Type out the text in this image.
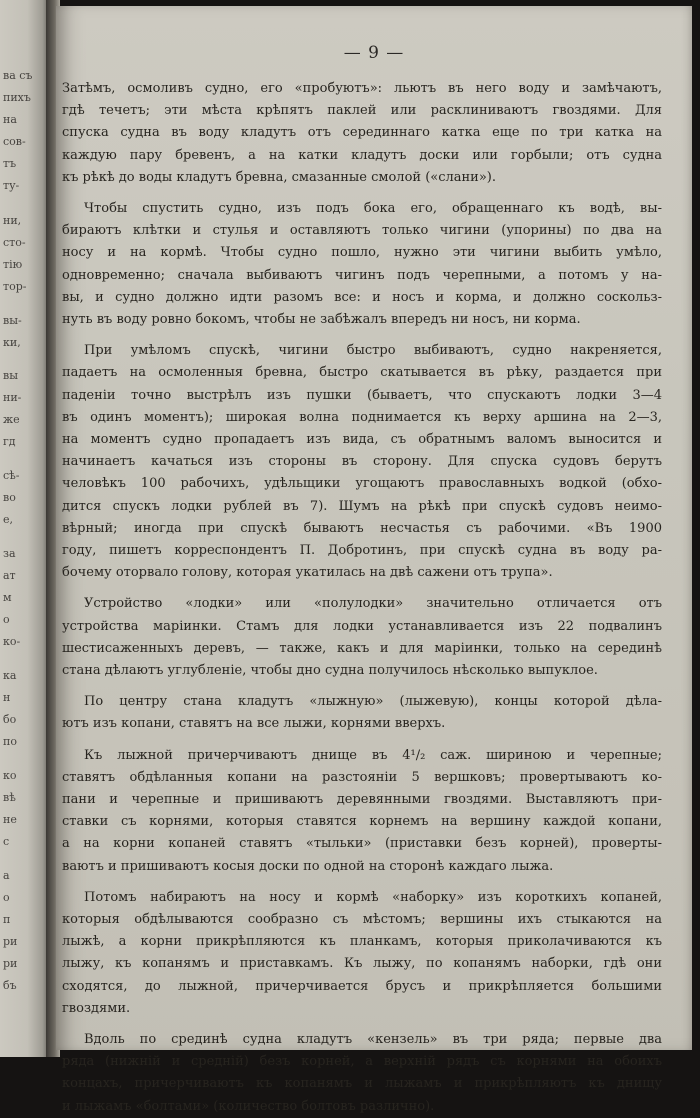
ва съ

пихъ

на

сов-

тъ

ту-

ни,

сто-

тію

тор-

вы-

ки,

вы

ни-

же

гд

сѣ-

во

е,

за

ат

м

о

ко-

ка

н

бо

по

ко

вѣ

не

с

а

о

п

ри

ри

бъ

— 9 —

Затѣмъ, осмоливъ судно, его «пробуютъ»: льютъ въ него воду и замѣчаютъ,

гдѣ течетъ; эти мѣста крѣпятъ паклей или расклиниваютъ гвоздями. Для

спуска судна въ воду кладутъ отъ серединнаго катка еще по три катка на

каждую пару бревенъ, а на катки кладутъ доски или горбыли; отъ судна

къ рѣкѣ до воды кладутъ бревна, смазанные смолой («слани»).

Чтобы спустить судно, изъ подъ бока его, обращеннаго къ водѣ, вы-

бираютъ клѣтки и стулья и оставляютъ только чигини (упорины) по два на

носу и на кормѣ. Чтобы судно пошло, нужно эти чигини выбить умѣло,

одновременно; сначала выбиваютъ чигинъ подъ черепными, а потомъ у на-

вы, и судно должно идти разомъ все: и носъ и корма, и должно соскольз-

нуть въ воду ровно бокомъ, чтобы не забѣжалъ впередъ ни носъ, ни корма.

При умѣломъ спускѣ, чигини быстро выбиваютъ, судно накреняется,

падаетъ на осмоленныя бревна, быстро скатывается въ рѣку, раздается при

паденіи точно выстрѣлъ изъ пушки (бываетъ, что спускаютъ лодки 3—4

въ одинъ моментъ); широкая волна поднимается къ верху аршина на 2—3,

на моментъ судно пропадаетъ изъ вида, съ обратнымъ валомъ выносится и

начинаетъ качаться изъ стороны въ сторону. Для спуска судовъ берутъ

человѣкъ 100 рабочихъ, удѣльщики угощаютъ православныхъ водкой (обхо-

дится спускъ лодки рублей въ 7). Шумъ на рѣкѣ при спускѣ судовъ неимо-

вѣрный; иногда при спускѣ бываютъ несчастья съ рабочими. «Въ 1900

году, пишетъ корреспондентъ П. Добротинъ, при спускѣ судна въ воду ра-

бочему оторвало голову, которая укатилась на двѣ сажени отъ трупа».

Устройство «лодки» или «полулодки» значительно отличается отъ

устройства маріинки. Стамъ для лодки устанавливается изъ 22 подвалинъ

шестисаженныхъ деревъ, — также, какъ и для маріинки, только на серединѣ

стана дѣлаютъ углубленіе, чтобы дно судна получилось нѣсколько выпуклое.

По центру стана кладутъ «лыжную» (лыжевую), концы которой дѣла-

ютъ изъ копани, ставятъ на все лыжи, корнями вверхъ.

Къ лыжной причерчиваютъ днище въ 4¹/₂ саж. шириною и черепные;

ставятъ обдѣланныя копани на разстояніи 5 вершковъ; провертываютъ ко-

пани и черепные и пришиваютъ деревянными гвоздями. Выставляютъ при-

ставки съ корнями, которыя ставятся корнемъ на вершину каждой копани,

а на корни копаней ставятъ «тыльки» (приставки безъ корней), проверты-

ваютъ и пришиваютъ косыя доски по одной на сторонѣ каждаго лыжа.

Потомъ набираютъ на носу и кормѣ «наборку» изъ короткихъ копаней,

которыя обдѣлываются сообразно съ мѣстомъ; вершины ихъ стыкаются на

лыжѣ, а корни прикрѣпляются къ планкамъ, которыя приколачиваются къ

лыжу, къ копанямъ и приставкамъ. Къ лыжу, по копанямъ наборки, гдѣ они

сходятся, до лыжной, причерчивается брусъ и прикрѣпляется большими

гвоздями.

Вдоль по срединѣ судна кладутъ «кензель» въ три ряда; первые два

ряда (нижній и средній) безъ корней, а верхній рядъ съ корнями на обоихъ

концахъ, причерчиваютъ къ копанямъ и лыжамъ и прикрѣпляютъ къ днищу

и лыжамъ «болтами» (количество болтовъ различно).
